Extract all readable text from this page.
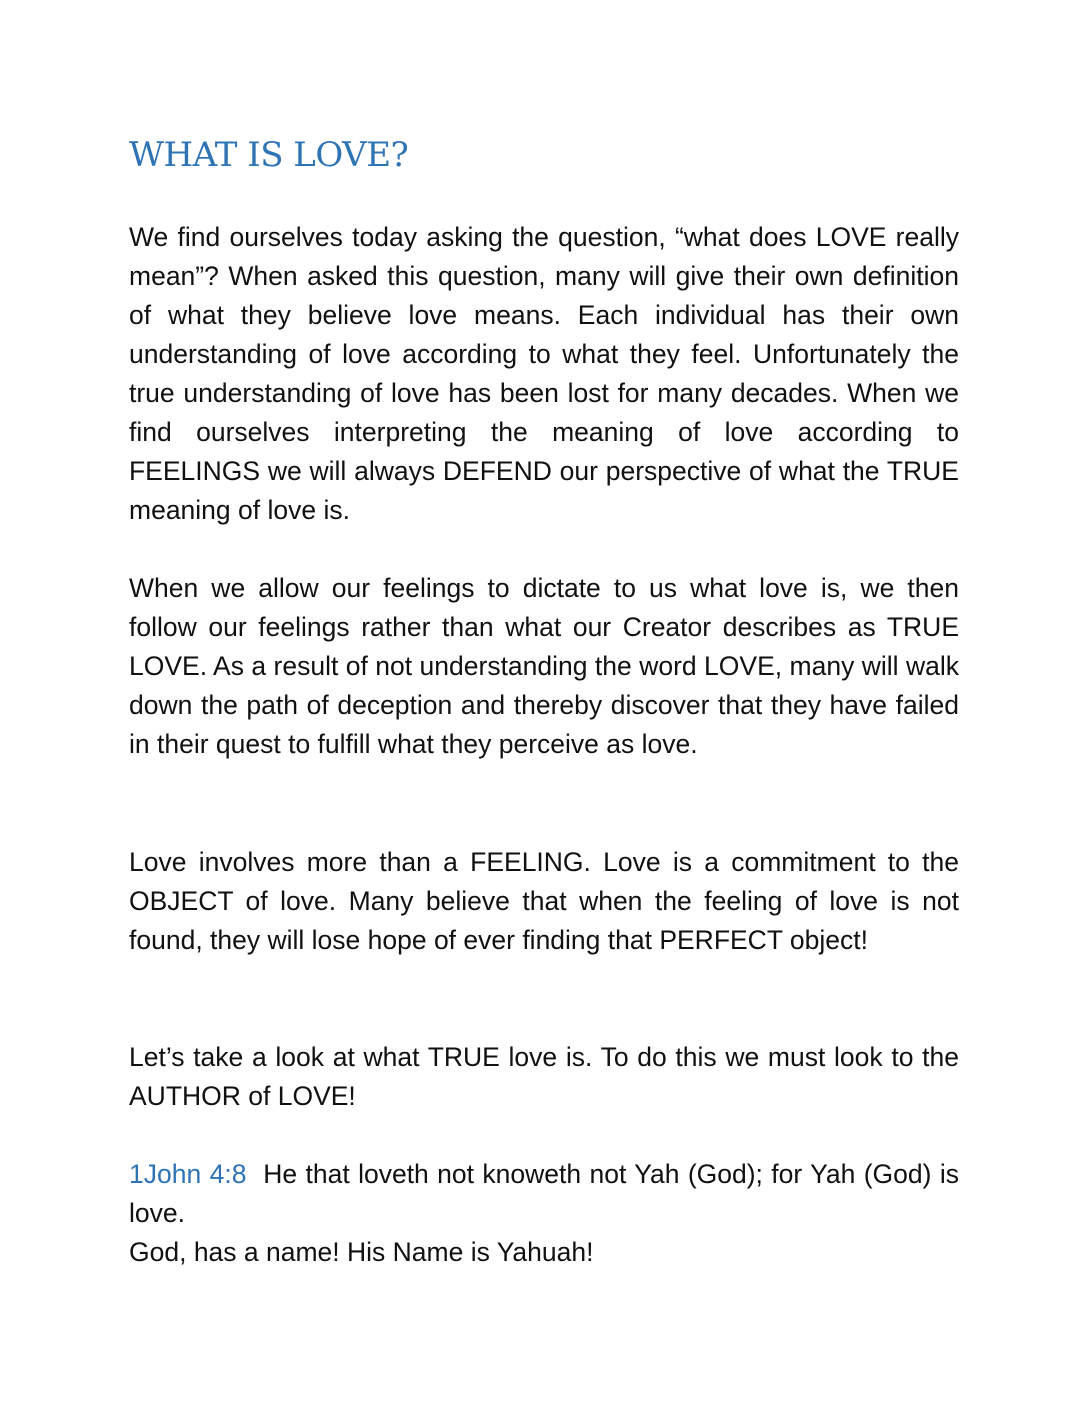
WHAT IS LOVE?

We find ourselves today asking the question, “what does LOVE really mean”? When asked this question, many will give their own definition of what they believe love means. Each individual has their own understanding of love according to what they feel. Unfortunately the true understanding of love has been lost for many decades. When we find ourselves interpreting the meaning of love according to FEELINGS we will always DEFEND our perspective of what the TRUE meaning of love is.

When we allow our feelings to dictate to us what love is, we then follow our feelings rather than what our Creator describes as TRUE LOVE. As a result of not understanding the word LOVE, many will walk down the path of deception and thereby discover that they have failed in their quest to fulfill what they perceive as love.

Love involves more than a FEELING. Love is a commitment to the OBJECT of love. Many believe that when the feeling of love is not found, they will lose hope of ever finding that PERFECT object!

Let’s take a look at what TRUE love is. To do this we must look to the AUTHOR of LOVE!

1John 4:8 He that loveth not knoweth not Yah (God); for Yah (God) is love.

God, has a name! His Name is Yahuah!
